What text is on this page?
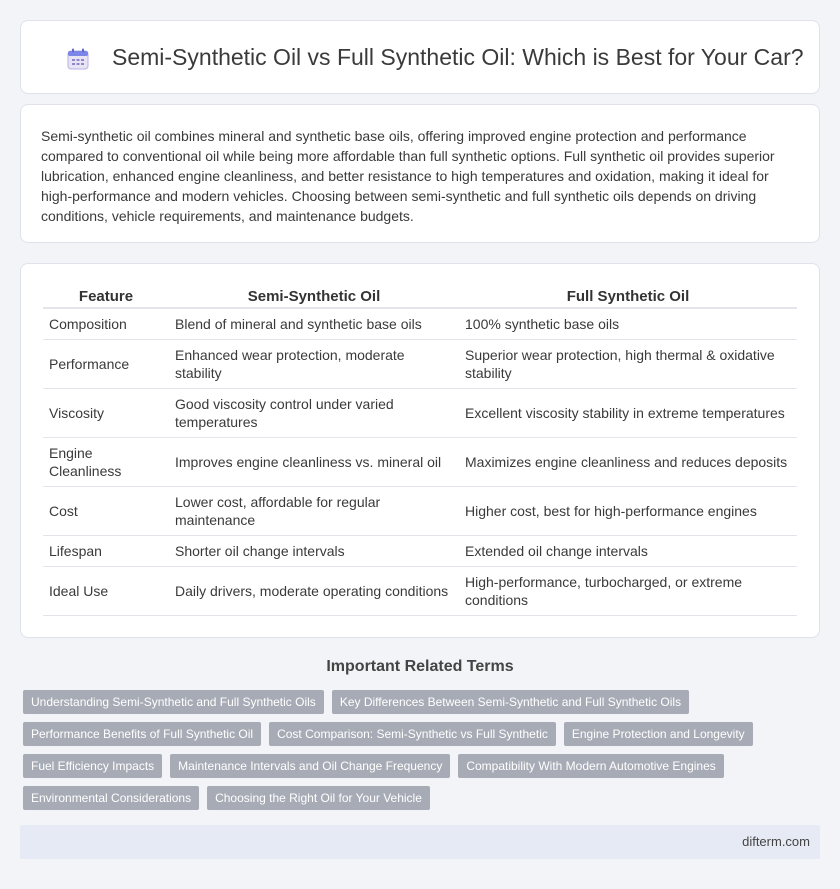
Semi-Synthetic Oil vs Full Synthetic Oil: Which is Best for Your Car?

Semi-synthetic oil combines mineral and synthetic base oils, offering improved engine protection and performance compared to conventional oil while being more affordable than full synthetic options. Full synthetic oil provides superior lubrication, enhanced engine cleanliness, and better resistance to high temperatures and oxidation, making it ideal for high-performance and modern vehicles. Choosing between semi-synthetic and full synthetic oils depends on driving conditions, vehicle requirements, and maintenance budgets.

Feature	Semi-Synthetic Oil	Full Synthetic Oil
Composition	Blend of mineral and synthetic base oils	100% synthetic base oils
Performance	Enhanced wear protection, moderate stability	Superior wear protection, high thermal & oxidative stability
Viscosity	Good viscosity control under varied temperatures	Excellent viscosity stability in extreme temperatures
Engine Cleanliness	Improves engine cleanliness vs. mineral oil	Maximizes engine cleanliness and reduces deposits
Cost	Lower cost, affordable for regular maintenance	Higher cost, best for high-performance engines
Lifespan	Shorter oil change intervals	Extended oil change intervals
Ideal Use	Daily drivers, moderate operating conditions	High-performance, turbocharged, or extreme conditions
Important Related Terms
Understanding Semi-Synthetic and Full Synthetic Oils	Key Differences Between Semi-Synthetic and Full Synthetic Oils
Performance Benefits of Full Synthetic Oil	Cost Comparison: Semi-Synthetic vs Full Synthetic	Engine Protection and Longevity
Fuel Efficiency Impacts	Maintenance Intervals and Oil Change Frequency	Compatibility With Modern Automotive Engines
Environmental Considerations	Choosing the Right Oil for Your Vehicle
difterm.com
